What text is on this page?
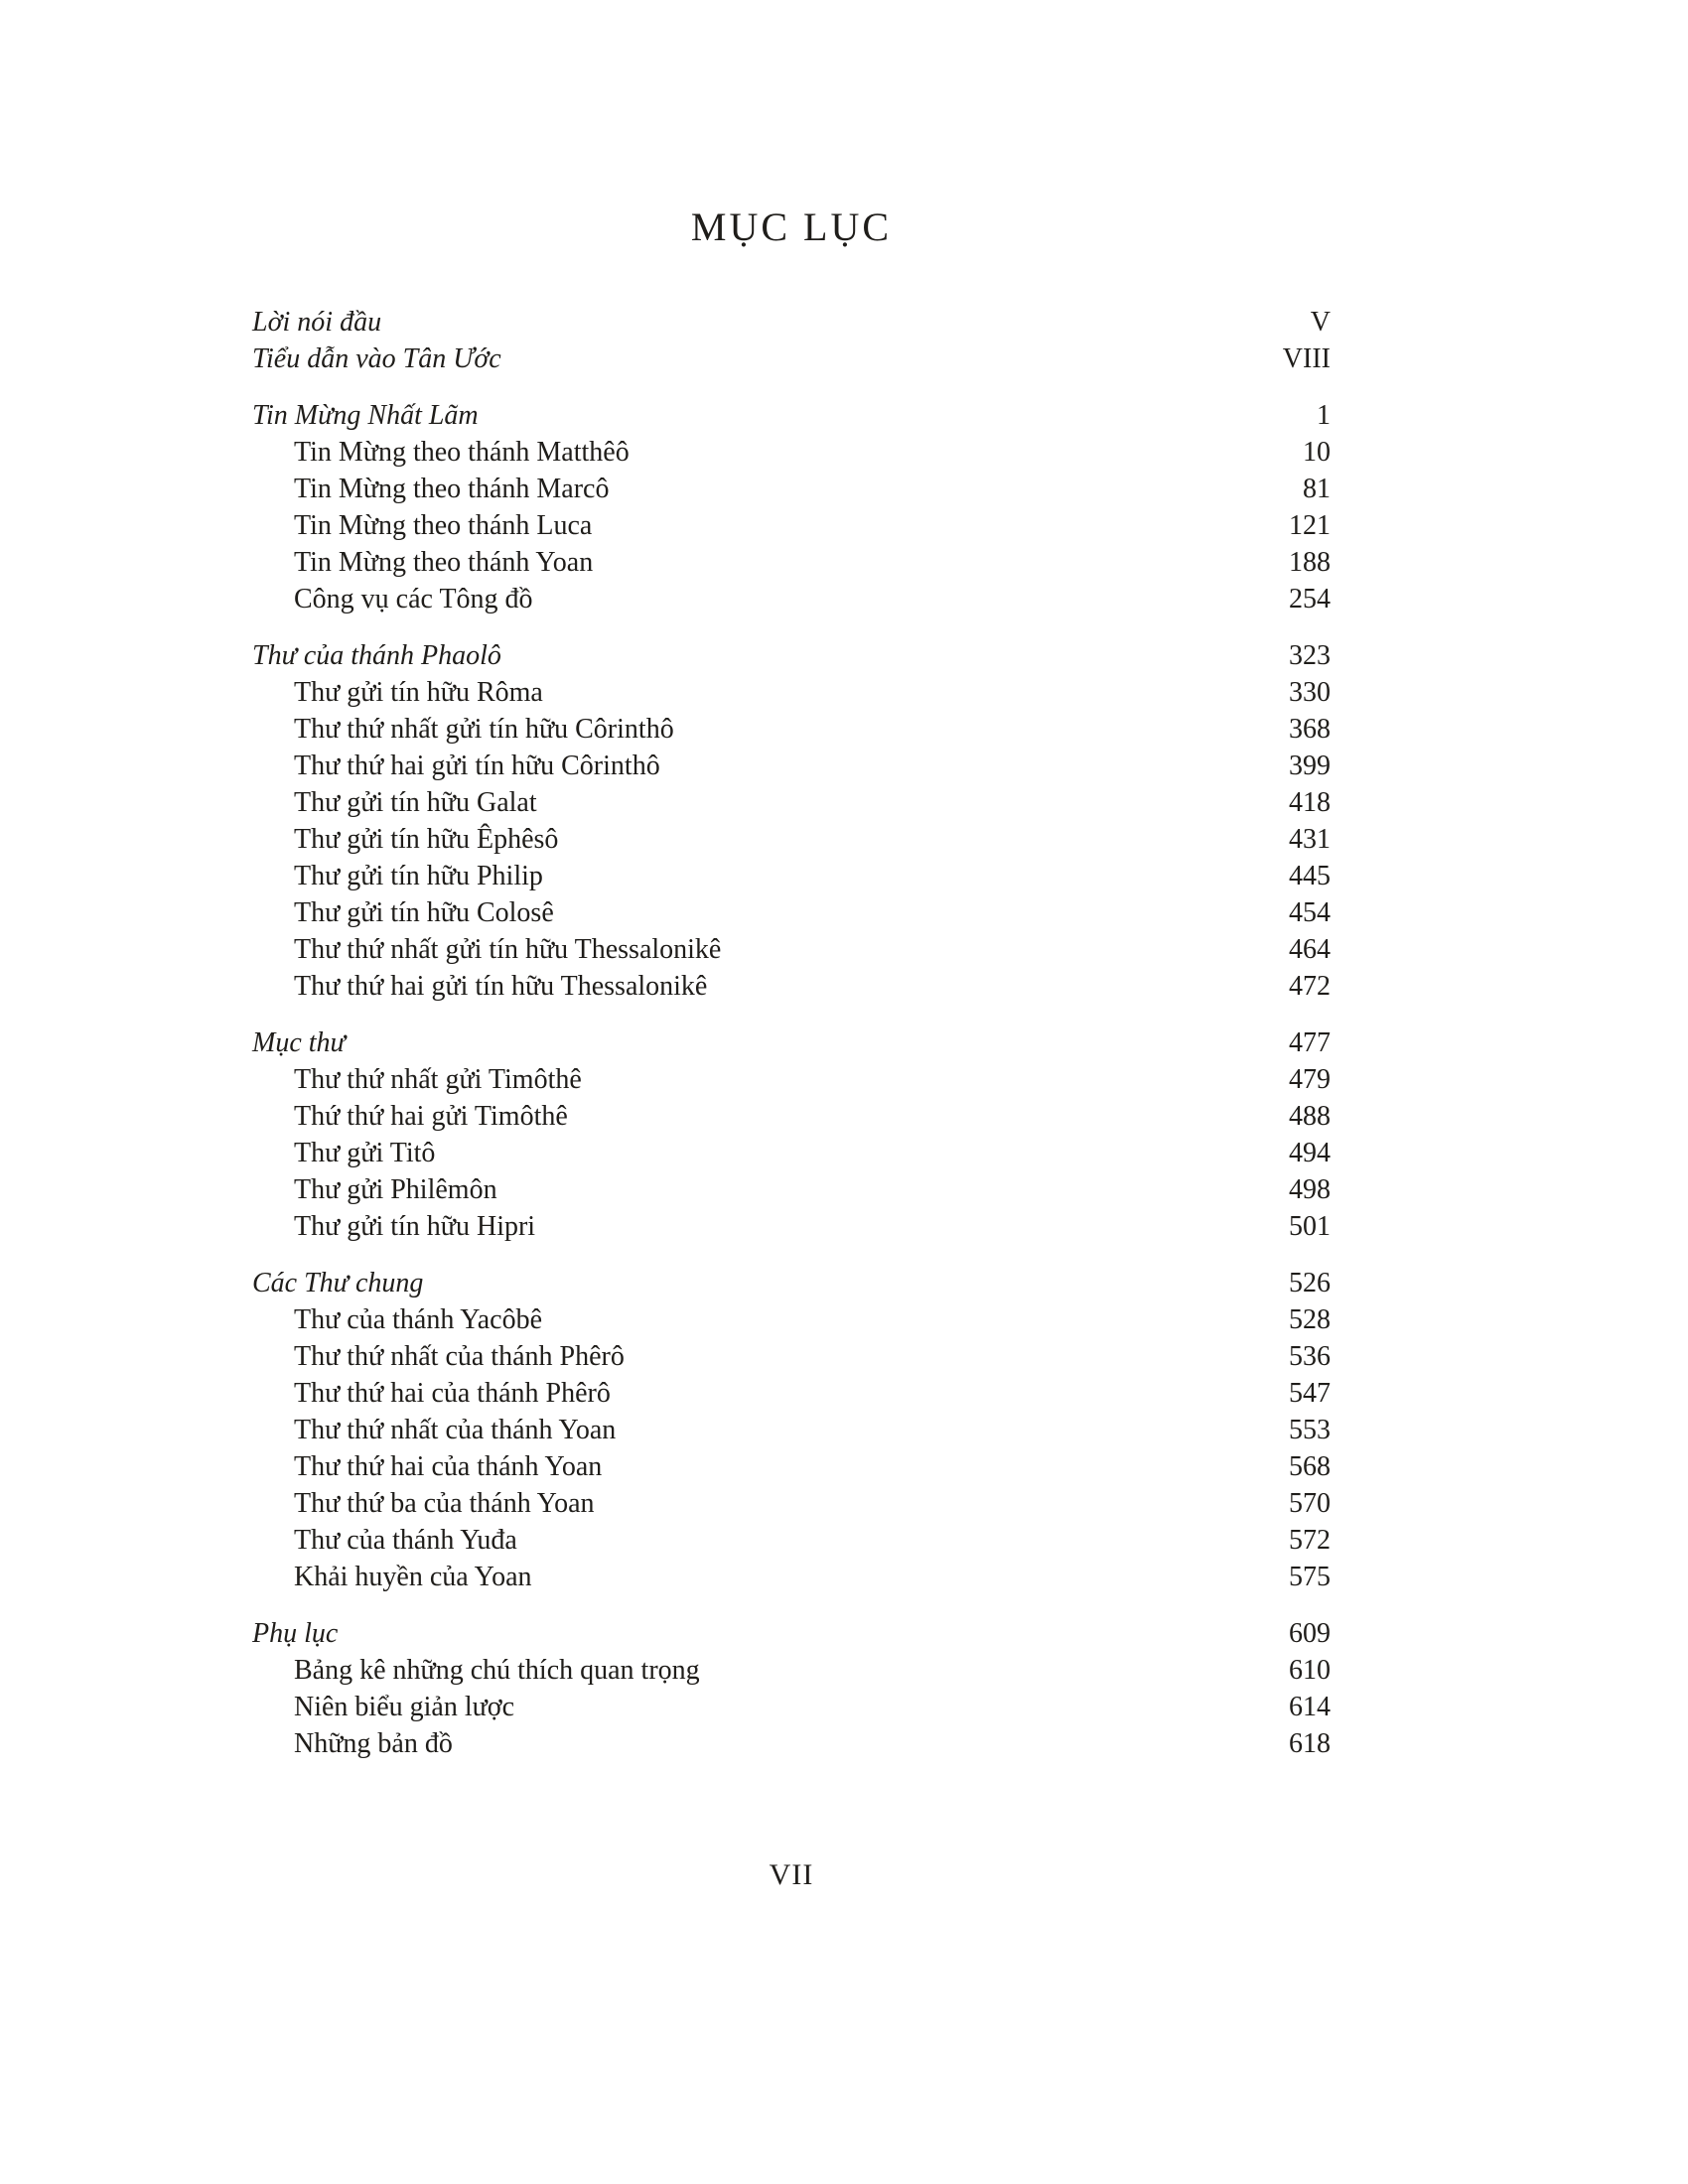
MỤC LỤC
Lời nói đầu	V
Tiểu dẫn vào Tân Ước	VIII
Tin Mừng Nhất Lãm	1
Tin Mừng theo thánh Matthêô	10
Tin Mừng theo thánh Marcô	81
Tin Mừng theo thánh Luca	121
Tin Mừng theo thánh Yoan	188
Công vụ các Tông đồ	254
Thư của thánh Phaolô	323
Thư gửi tín hữu Rôma	330
Thư thứ nhất gửi tín hữu Côrinthô	368
Thư thứ hai gửi tín hữu Côrinthô	399
Thư gửi tín hữu Galat	418
Thư gửi tín hữu Êphêsô	431
Thư gửi tín hữu Philip	445
Thư gửi tín hữu Colosê	454
Thư thứ nhất gửi tín hữu Thessalonikê	464
Thư thứ hai gửi tín hữu Thessalonikê	472
Mục thư	477
Thư thứ nhất gửi Timôthê	479
Thứ thứ hai gửi Timôthê	488
Thư gửi Titô	494
Thư gửi Philêmôn	498
Thư gửi tín hữu Hipri	501
Các Thư chung	526
Thư của thánh Yacôbê	528
Thư thứ nhất của thánh Phêrô	536
Thư thứ hai của thánh Phêrô	547
Thư thứ nhất của thánh Yoan	553
Thư thứ hai của thánh Yoan	568
Thư thứ ba của thánh Yoan	570
Thư của thánh Yuđa	572
Khải huyền của Yoan	575
Phụ lục	609
Bảng kê những chú thích quan trọng	610
Niên biểu giản lược	614
Những bản đồ	618
VII
